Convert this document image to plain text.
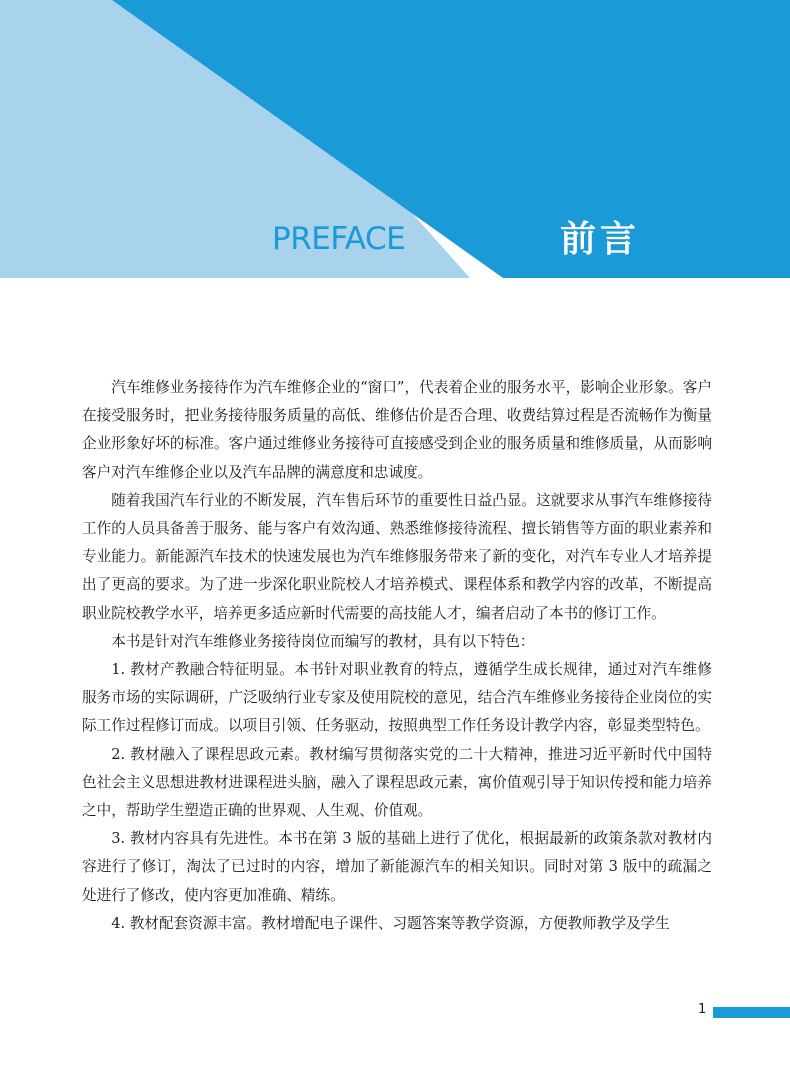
PREFACE	前言

汽车维修业务接待作为汽车维修企业的“窗口”，代表着企业的服务水平，影响企业形象。客户在接受服务时，把业务接待服务质量的高低、维修估价是否合理、收费结算过程是否流畅作为衡量企业形象好坏的标准。客户通过维修业务接待可直接感受到企业的服务质量和维修质量，从而影响客户对汽车维修企业以及汽车品牌的满意度和忠诚度。

随着我国汽车行业的不断发展，汽车售后环节的重要性日益凸显。这就要求从事汽车维修接待工作的人员具备善于服务、能与客户有效沟通、熟悉维修接待流程、擅长销售等方面的职业素养和专业能力。新能源汽车技术的快速发展也为汽车维修服务带来了新的变化，对汽车专业人才培养提出了更高的要求。为了进一步深化职业院校人才培养模式、课程体系和教学内容的改革，不断提高职业院校教学水平，培养更多适应新时代需要的高技能人才，编者启动了本书的修订工作。

本书是针对汽车维修业务接待岗位而编写的教材，具有以下特色：

1. 教材产教融合特征明显。本书针对职业教育的特点，遵循学生成长规律，通过对汽车维修服务市场的实际调研，广泛吸纳行业专家及使用院校的意见，结合汽车维修业务接待企业岗位的实际工作过程修订而成。以项目引领、任务驱动，按照典型工作任务设计教学内容，彰显类型特色。

2. 教材融入了课程思政元素。教材编写贯彻落实党的二十大精神，推进习近平新时代中国特色社会主义思想进教材进课程进头脑，融入了课程思政元素，寓价值观引导于知识传授和能力培养之中，帮助学生塑造正确的世界观、人生观、价值观。

3. 教材内容具有先进性。本书在第 3 版的基础上进行了优化，根据最新的政策条款对教材内容进行了修订，淘汰了已过时的内容，增加了新能源汽车的相关知识。同时对第 3 版中的疏漏之处进行了修改，使内容更加准确、精练。

4. 教材配套资源丰富。教材增配电子课件、习题答案等教学资源，方便教师教学及学生

1
